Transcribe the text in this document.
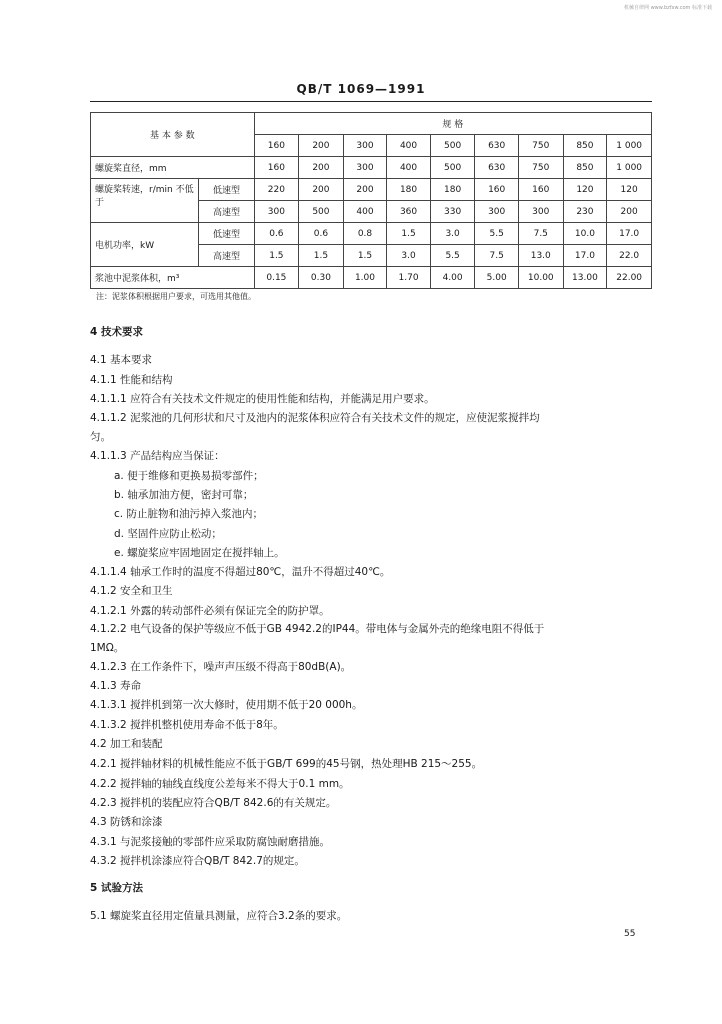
机械自律网 www.bzfxw.com 标准下载
QB/T 1069—1991
基 本 参 数		规 格								
		160	200	300	400	500	630	750	850	1 000
螺旋桨直径，mm		160	200	300	400	500	630	750	850	1 000
螺旋桨转速，r/min 不低于	低速型	220	200	200	180	180	160	160	120	120
	高速型	300	500	400	360	330	300	300	230	200
电机功率，kW	低速型	0.6	0.6	0.8	1.5	3.0	5.5	7.5	10.0	17.0
	高速型	1.5	1.5	1.5	3.0	5.5	7.5	13.0	17.0	22.0
浆池中泥浆体积，m³		0.15	0.30	1.00	1.70	4.00	5.00	10.00	13.00	22.00
注：泥浆体积根据用户要求，可选用其他值。
4 技术要求
4.1 基本要求
4.1.1 性能和结构
4.1.1.1 应符合有关技术文件规定的使用性能和结构，并能满足用户要求。
4.1.1.2 泥浆池的几何形状和尺寸及池内的泥浆体积应符合有关技术文件的规定，应使泥浆搅拌均
匀。
4.1.1.3 产品结构应当保证：
a. 便于维修和更换易损零部件；
b. 轴承加油方便，密封可靠；
c. 防止脏物和油污掉入浆池内；
d. 坚固件应防止松动；
e. 螺旋桨应牢固地固定在搅拌轴上。
4.1.1.4 轴承工作时的温度不得超过80℃，温升不得超过40℃。
4.1.2 安全和卫生
4.1.2.1 外露的转动部件必须有保证完全的防护罩。
4.1.2.2 电气设备的保护等级应不低于GB 4942.2的IP44。带电体与金属外壳的绝缘电阻不得低于
1MΩ。
4.1.2.3 在工作条件下，噪声声压级不得高于80dB(A)。
4.1.3 寿命
4.1.3.1 搅拌机到第一次大修时，使用期不低于20 000h。
4.1.3.2 搅拌机整机使用寿命不低于8年。
4.2 加工和装配
4.2.1 搅拌轴材料的机械性能应不低于GB/T 699的45号钢，热处理HB 215～255。
4.2.2 搅拌轴的轴线直线度公差每米不得大于0.1 mm。
4.2.3 搅拌机的装配应符合QB/T 842.6的有关规定。
4.3 防锈和涂漆
4.3.1 与泥浆接触的零部件应采取防腐蚀耐磨措施。
4.3.2 搅拌机涂漆应符合QB/T 842.7的规定。
5 试验方法
5.1 螺旋桨直径用定值量具测量，应符合3.2条的要求。
55
